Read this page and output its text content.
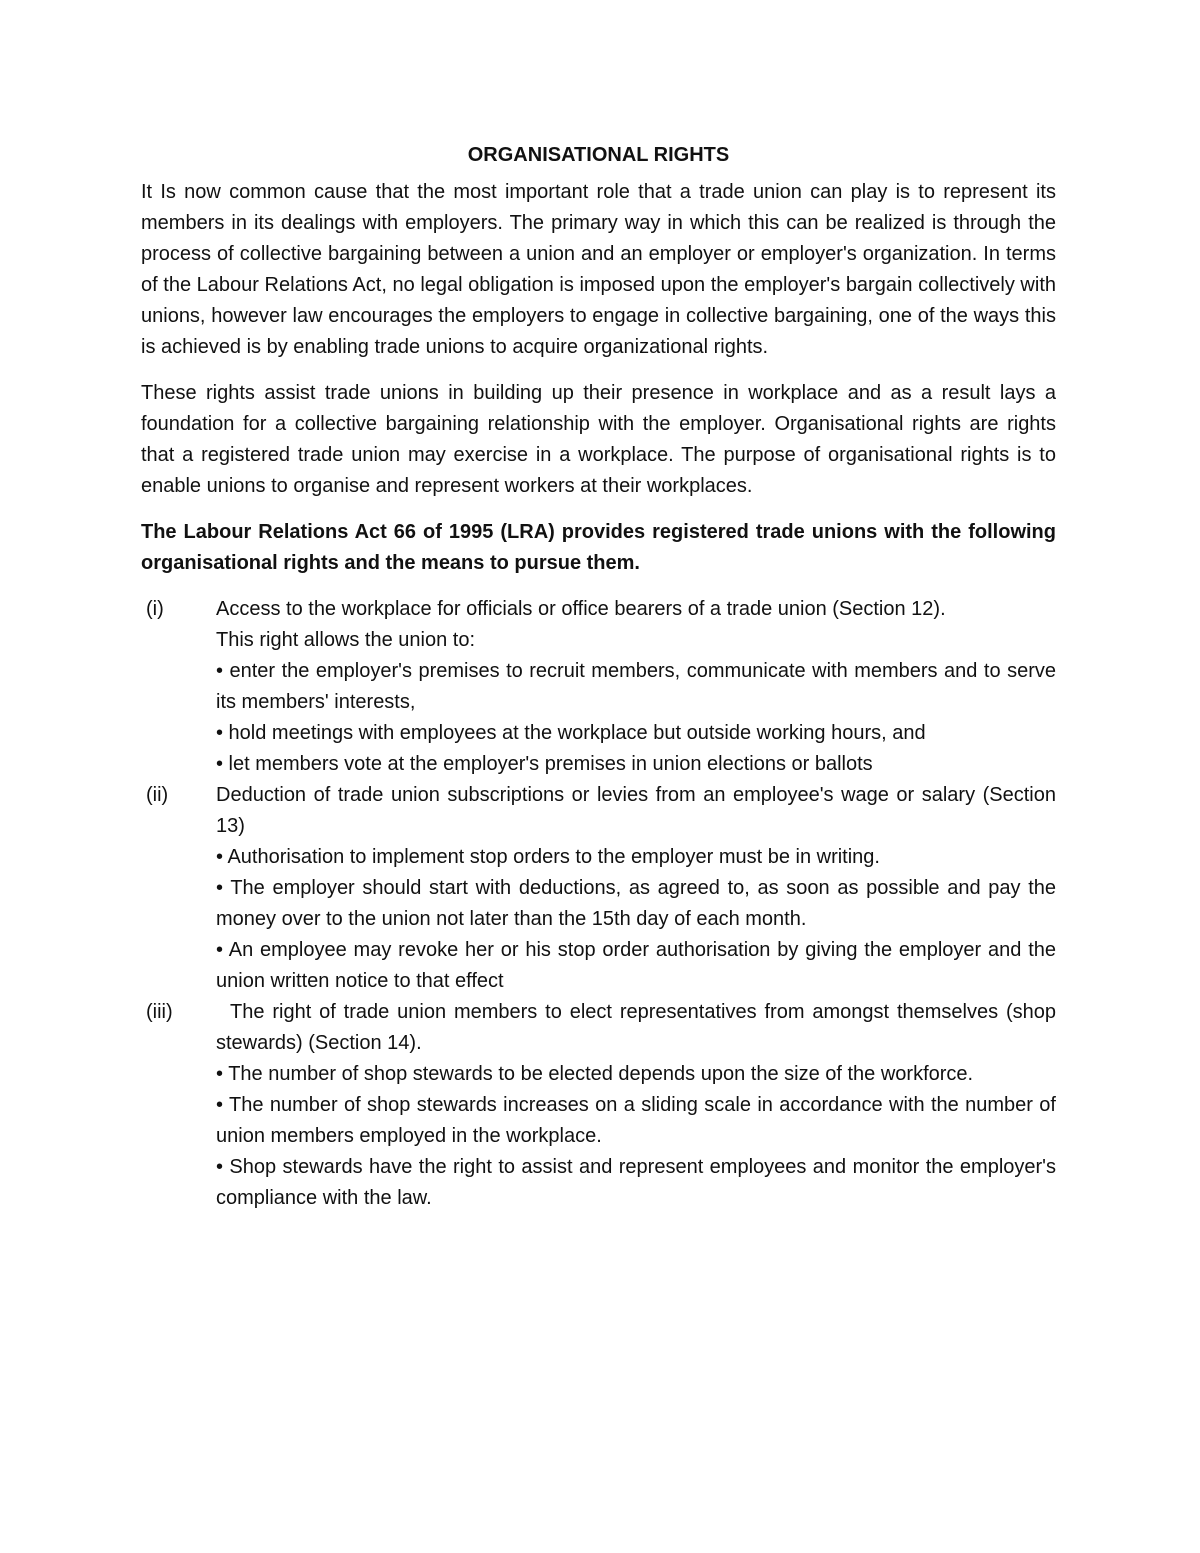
ORGANISATIONAL RIGHTS

It Is now common cause that the most important role that a trade union can play is to represent its members in its dealings with employers. The primary way in which this can be realized is through the process of collective bargaining between a union and an employer or employer's organization. In terms of the Labour Relations Act, no legal obligation is imposed upon the employer's bargain collectively with unions, however law encourages the employers to engage in collective bargaining, one of the ways this is achieved is by enabling trade unions to acquire organizational rights.

These rights assist trade unions in building up their presence in workplace and as a result lays a foundation for a collective bargaining relationship with the employer. Organisational rights are rights that a registered trade union may exercise in a workplace. The purpose of organisational rights is to enable unions to organise and represent workers at their workplaces.

The Labour Relations Act 66 of 1995 (LRA) provides registered trade unions with the following organisational rights and the means to pursue them.

(i)	Access to the workplace for officials or office bearers of a trade union (Section 12).

This right allows the union to:

• enter the employer's premises to recruit members, communicate with members and to serve its members' interests,

• hold meetings with employees at the workplace but outside working hours, and

• let members vote at the employer's premises in union elections or ballots

(ii) Deduction of trade union subscriptions or levies from an employee's wage or salary (Section 13)

• Authorisation to implement stop orders to the employer must be in writing.

• The employer should start with deductions, as agreed to, as soon as possible and pay the money over to the union not later than the 15th day of each month.

• An employee may revoke her or his stop order authorisation by giving the employer and the union written notice to that effect

(iii)	The right of trade union members to elect representatives from amongst themselves (shop stewards) (Section 14).

• The number of shop stewards to be elected depends upon the size of the workforce.

• The number of shop stewards increases on a sliding scale in accordance with the number of union members employed in the workplace.

• Shop stewards have the right to assist and represent employees and monitor the employer's compliance with the law.
